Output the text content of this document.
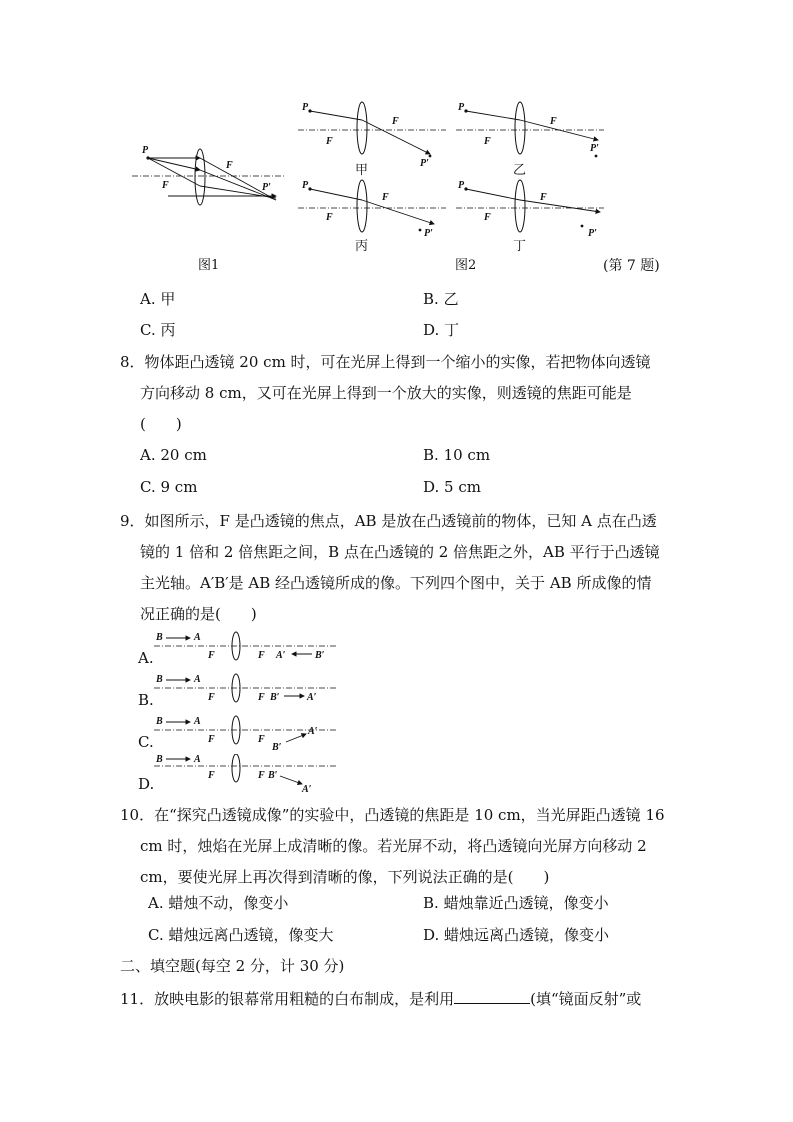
P
F
F
P′
图1
P
F
F
P′
甲
P
F
F
P′
乙
P
F
F
P′
丙
P
F
F
P′
丁
图2	(第 7 题)
A. 甲	B. 乙
C. 丙	D. 丁
8．物体距凸透镜 20 cm 时，可在光屏上得到一个缩小的实像，若把物体向透镜
方向移动 8 cm，又可在光屏上得到一个放大的实像，则透镜的焦距可能是
(　　)
A. 20 cm	B. 10 cm
C. 9 cm	D. 5 cm
9．如图所示，F 是凸透镜的焦点，AB 是放在凸透镜前的物体，已知 A 点在凸透
镜的 1 倍和 2 倍焦距之间，B 点在凸透镜的 2 倍焦距之外，AB 平行于凸透镜
主光轴。A′B′是 AB 经凸透镜所成的像。下列四个图中，关于 AB 所成像的情
况正确的是(　　)
A.
B	A
F	F A′	B′
B.
B	A
F	F B′	A′
C.
B	A
F	F
B′
A′
D.
B	A
F	F B′
A′
10．在“探究凸透镜成像”的实验中，凸透镜的焦距是 10 cm，当光屏距凸透镜 16
cm 时，烛焰在光屏上成清晰的像。若光屏不动，将凸透镜向光屏方向移动 2
cm，要使光屏上再次得到清晰的像，下列说法正确的是(　　)
A. 蜡烛不动，像变小	B. 蜡烛靠近凸透镜，像变小
C. 蜡烛远离凸透镜，像变大	D. 蜡烛远离凸透镜，像变小
二、填空题(每空 2 分，计 30 分)
11．放映电影的银幕常用粗糙的白布制成，是利用	(填“镜面反射”或
